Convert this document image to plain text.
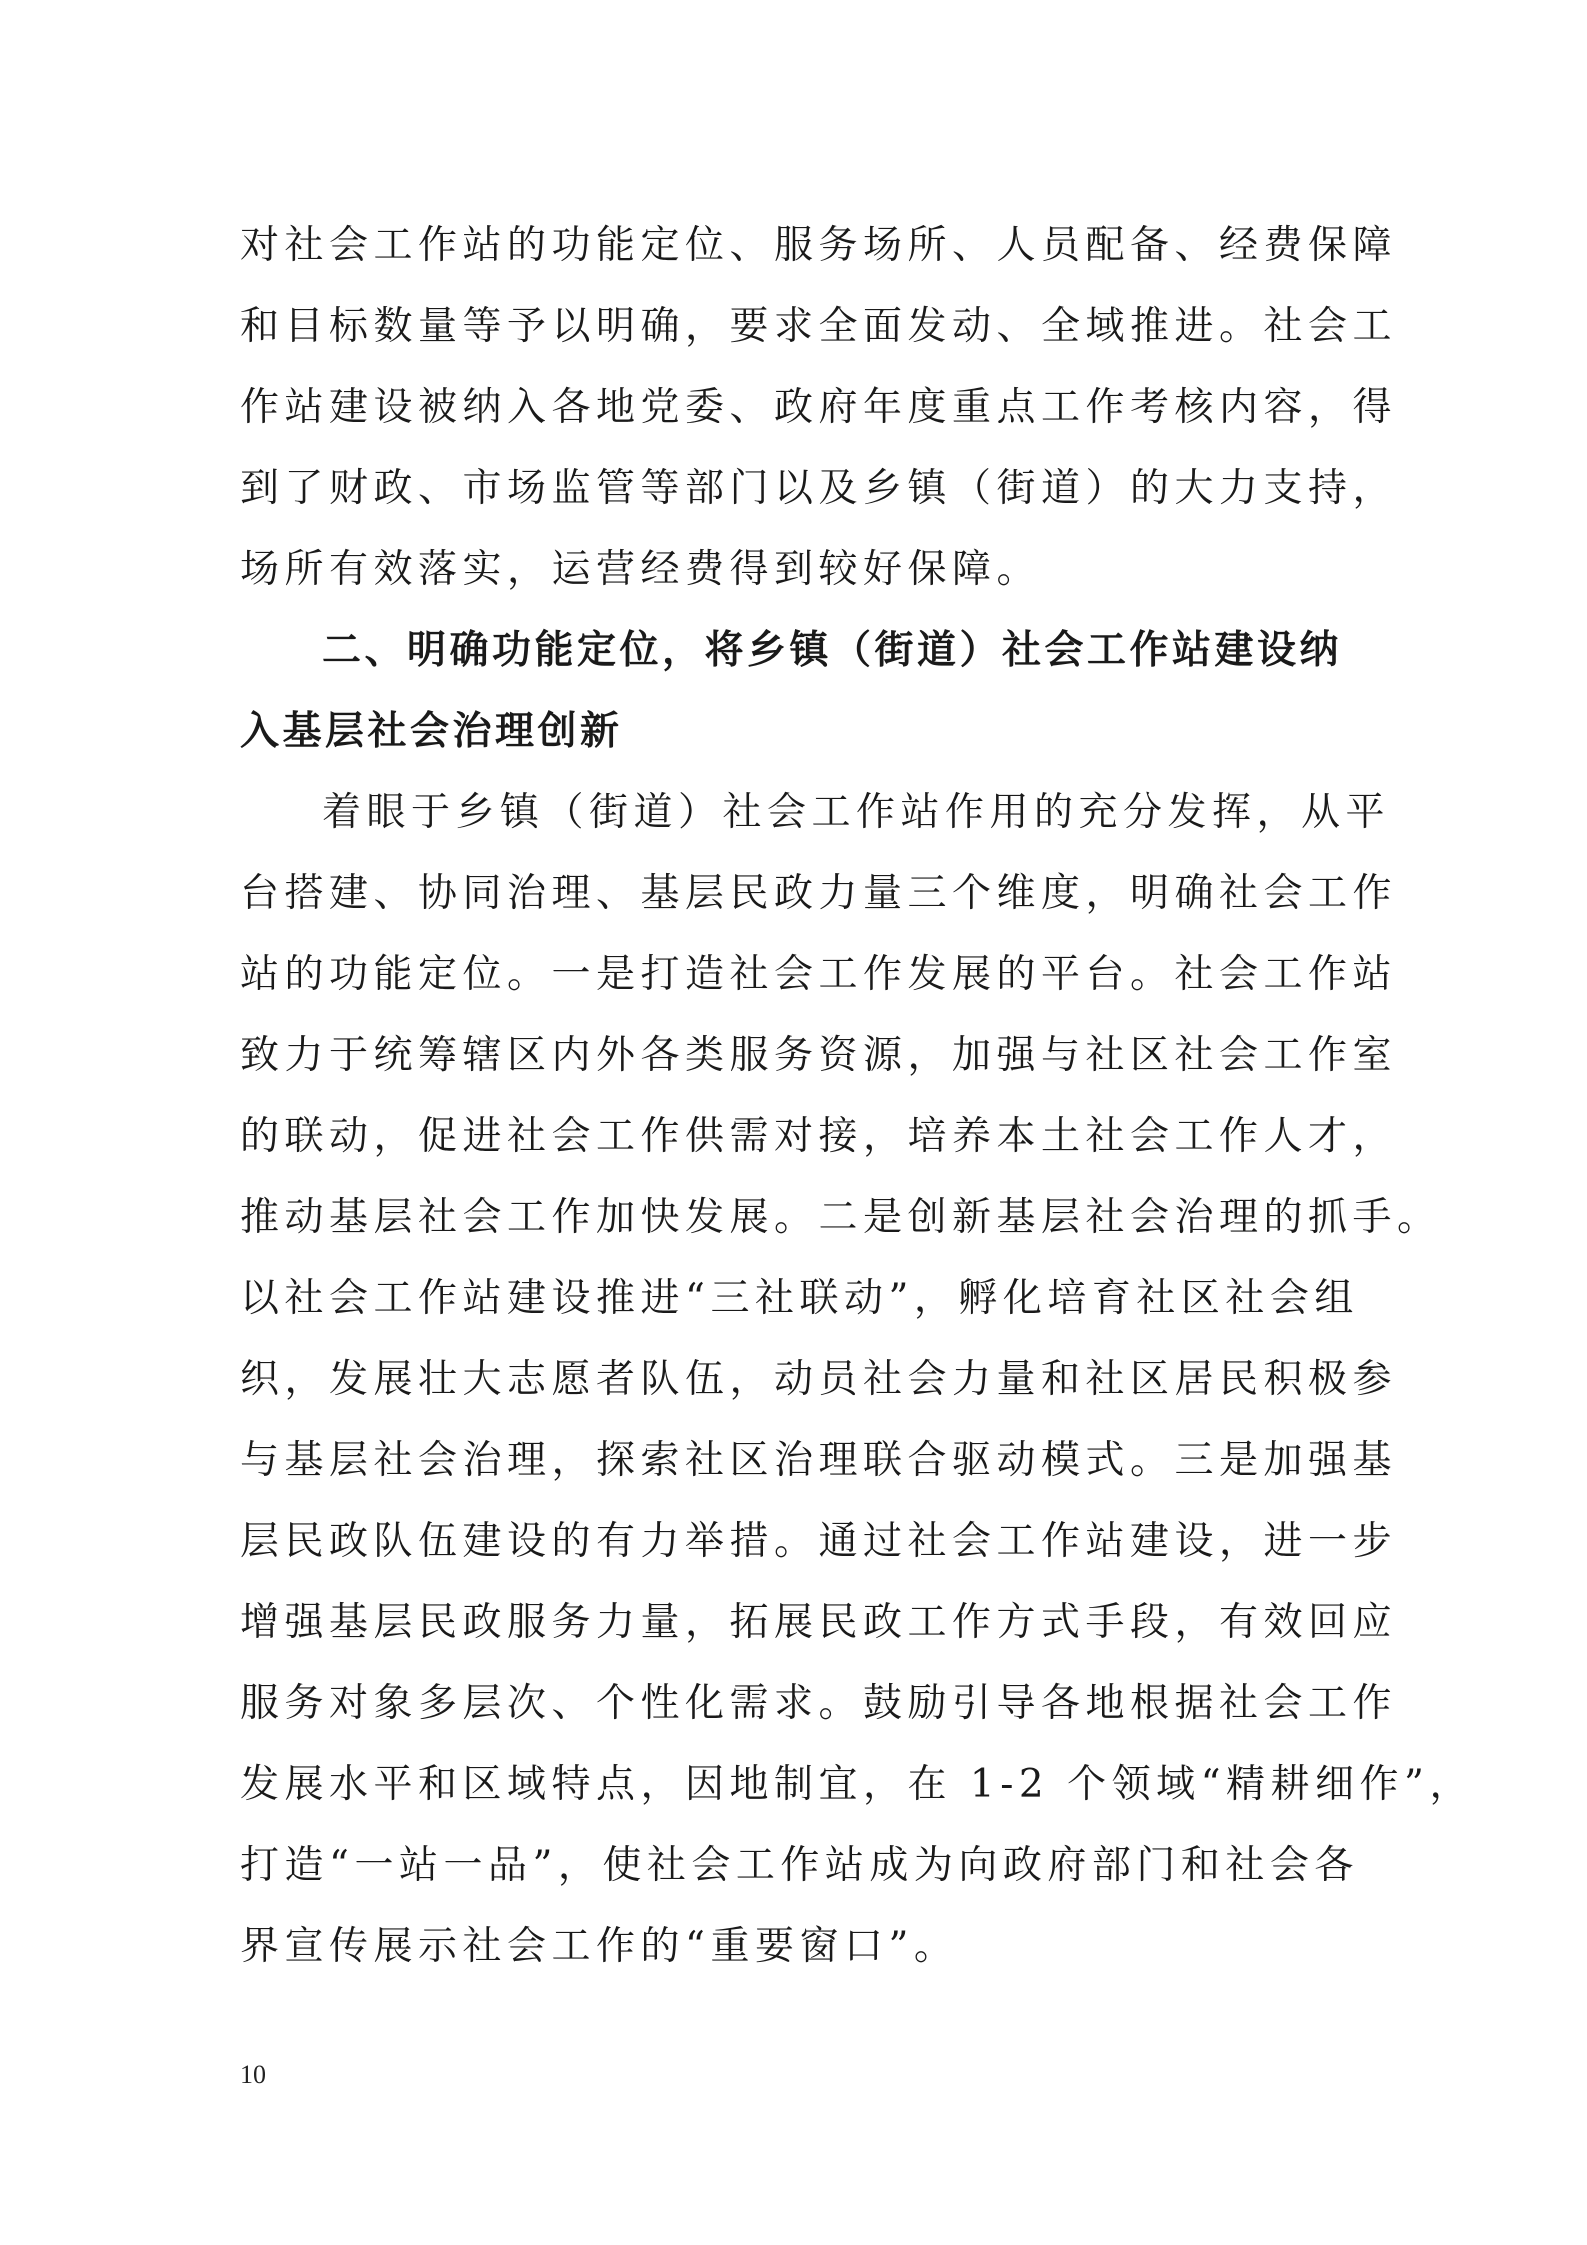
对社会工作站的功能定位、服务场所、人员配备、经费保障
和目标数量等予以明确，要求全面发动、全域推进。社会工
作站建设被纳入各地党委、政府年度重点工作考核内容，得
到了财政、市场监管等部门以及乡镇（街道）的大力支持，
场所有效落实，运营经费得到较好保障。
二、明确功能定位，将乡镇（街道）社会工作站建设纳
入基层社会治理创新
着眼于乡镇（街道）社会工作站作用的充分发挥，从平
台搭建、协同治理、基层民政力量三个维度，明确社会工作
站的功能定位。一是打造社会工作发展的平台。社会工作站
致力于统筹辖区内外各类服务资源，加强与社区社会工作室
的联动，促进社会工作供需对接，培养本土社会工作人才，
推动基层社会工作加快发展。二是创新基层社会治理的抓手。
以社会工作站建设推进“三社联动”，孵化培育社区社会组
织，发展壮大志愿者队伍，动员社会力量和社区居民积极参
与基层社会治理，探索社区治理联合驱动模式。三是加强基
层民政队伍建设的有力举措。通过社会工作站建设，进一步
增强基层民政服务力量，拓展民政工作方式手段，有效回应
服务对象多层次、个性化需求。鼓励引导各地根据社会工作
发展水平和区域特点，因地制宜，在 1-2 个领域“精耕细作”，
打造“一站一品”，使社会工作站成为向政府部门和社会各
界宣传展示社会工作的“重要窗口”。
10
